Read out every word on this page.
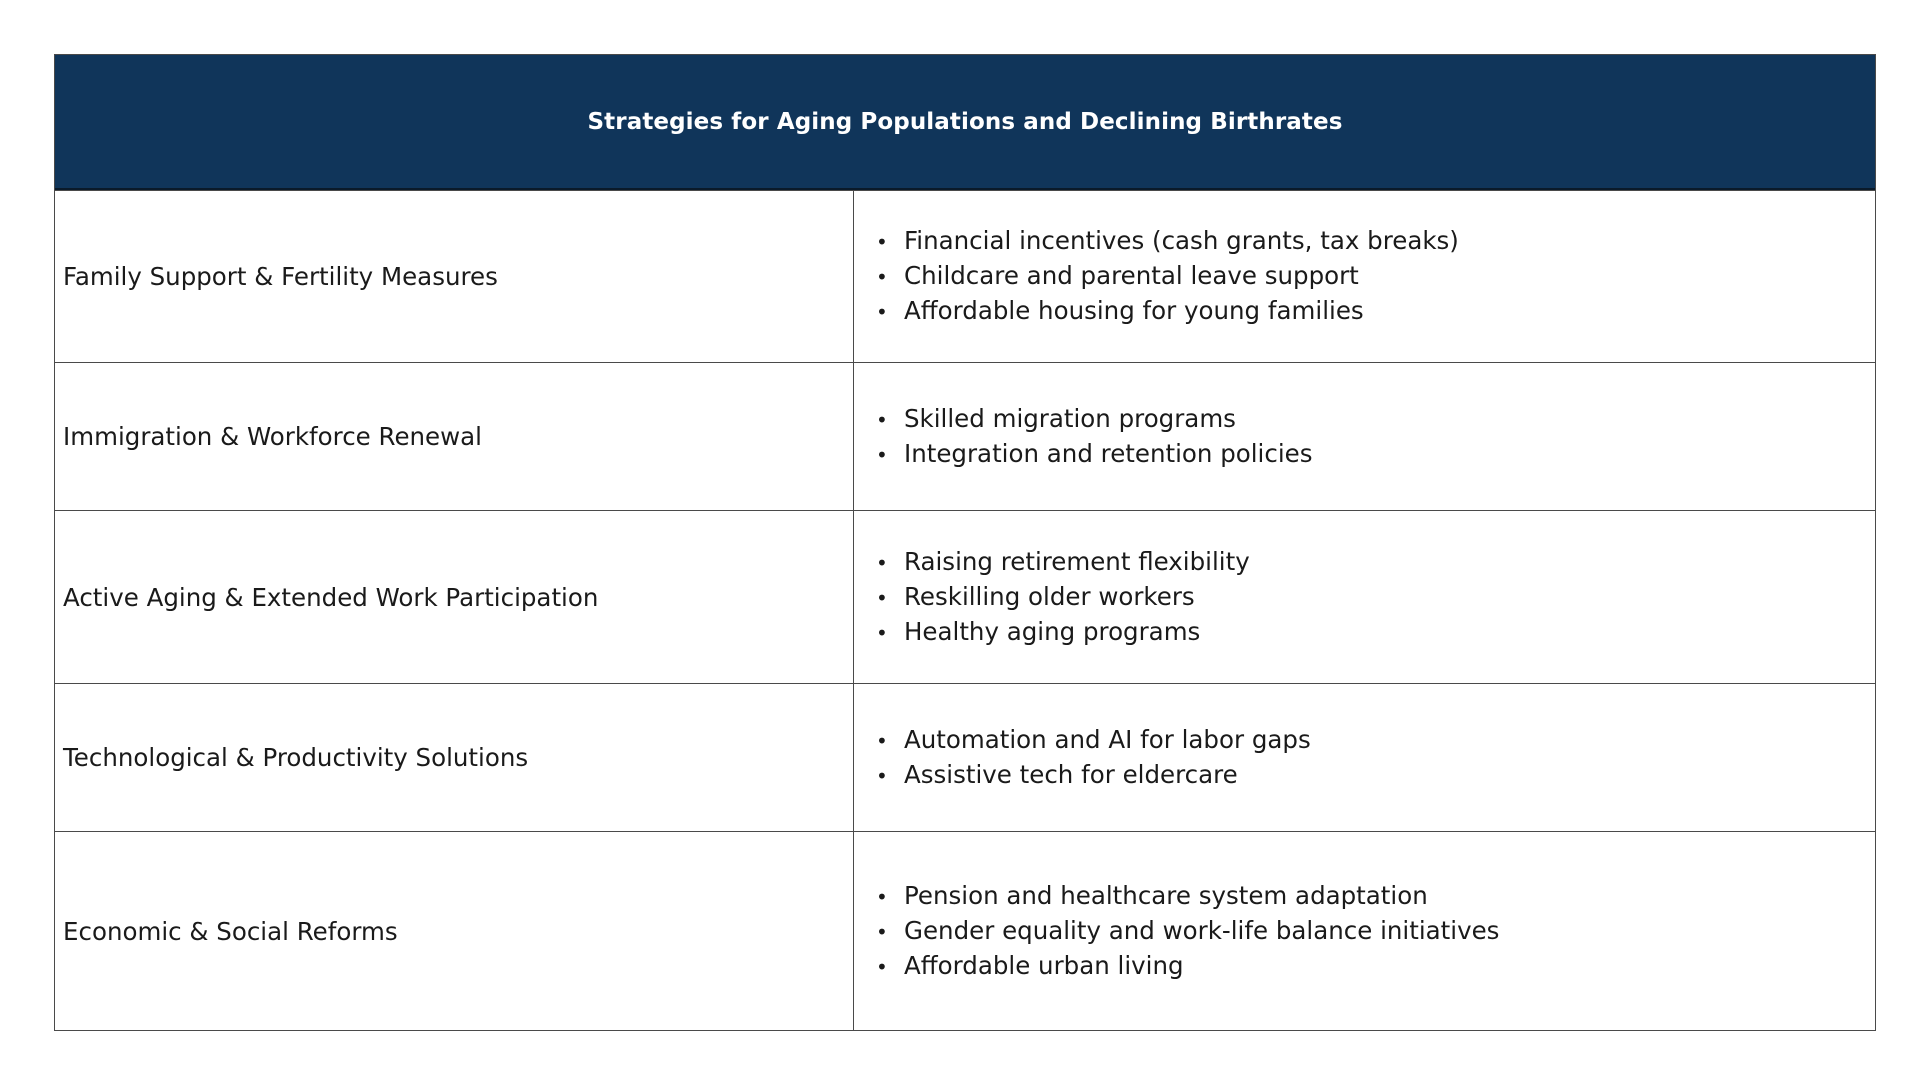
Strategies for Aging Populations and Declining Birthrates
Family Support & Fertility Measures
• Financial incentives (cash grants, tax breaks)
• Childcare and parental leave support
• Affordable housing for young families
Immigration & Workforce Renewal
• Skilled migration programs
• Integration and retention policies
Active Aging & Extended Work Participation
• Raising retirement flexibility
• Reskilling older workers
• Healthy aging programs
Technological & Productivity Solutions
• Automation and AI for labor gaps
• Assistive tech for eldercare
Economic & Social Reforms
• Pension and healthcare system adaptation
• Gender equality and work-life balance initiatives
• Affordable urban living
